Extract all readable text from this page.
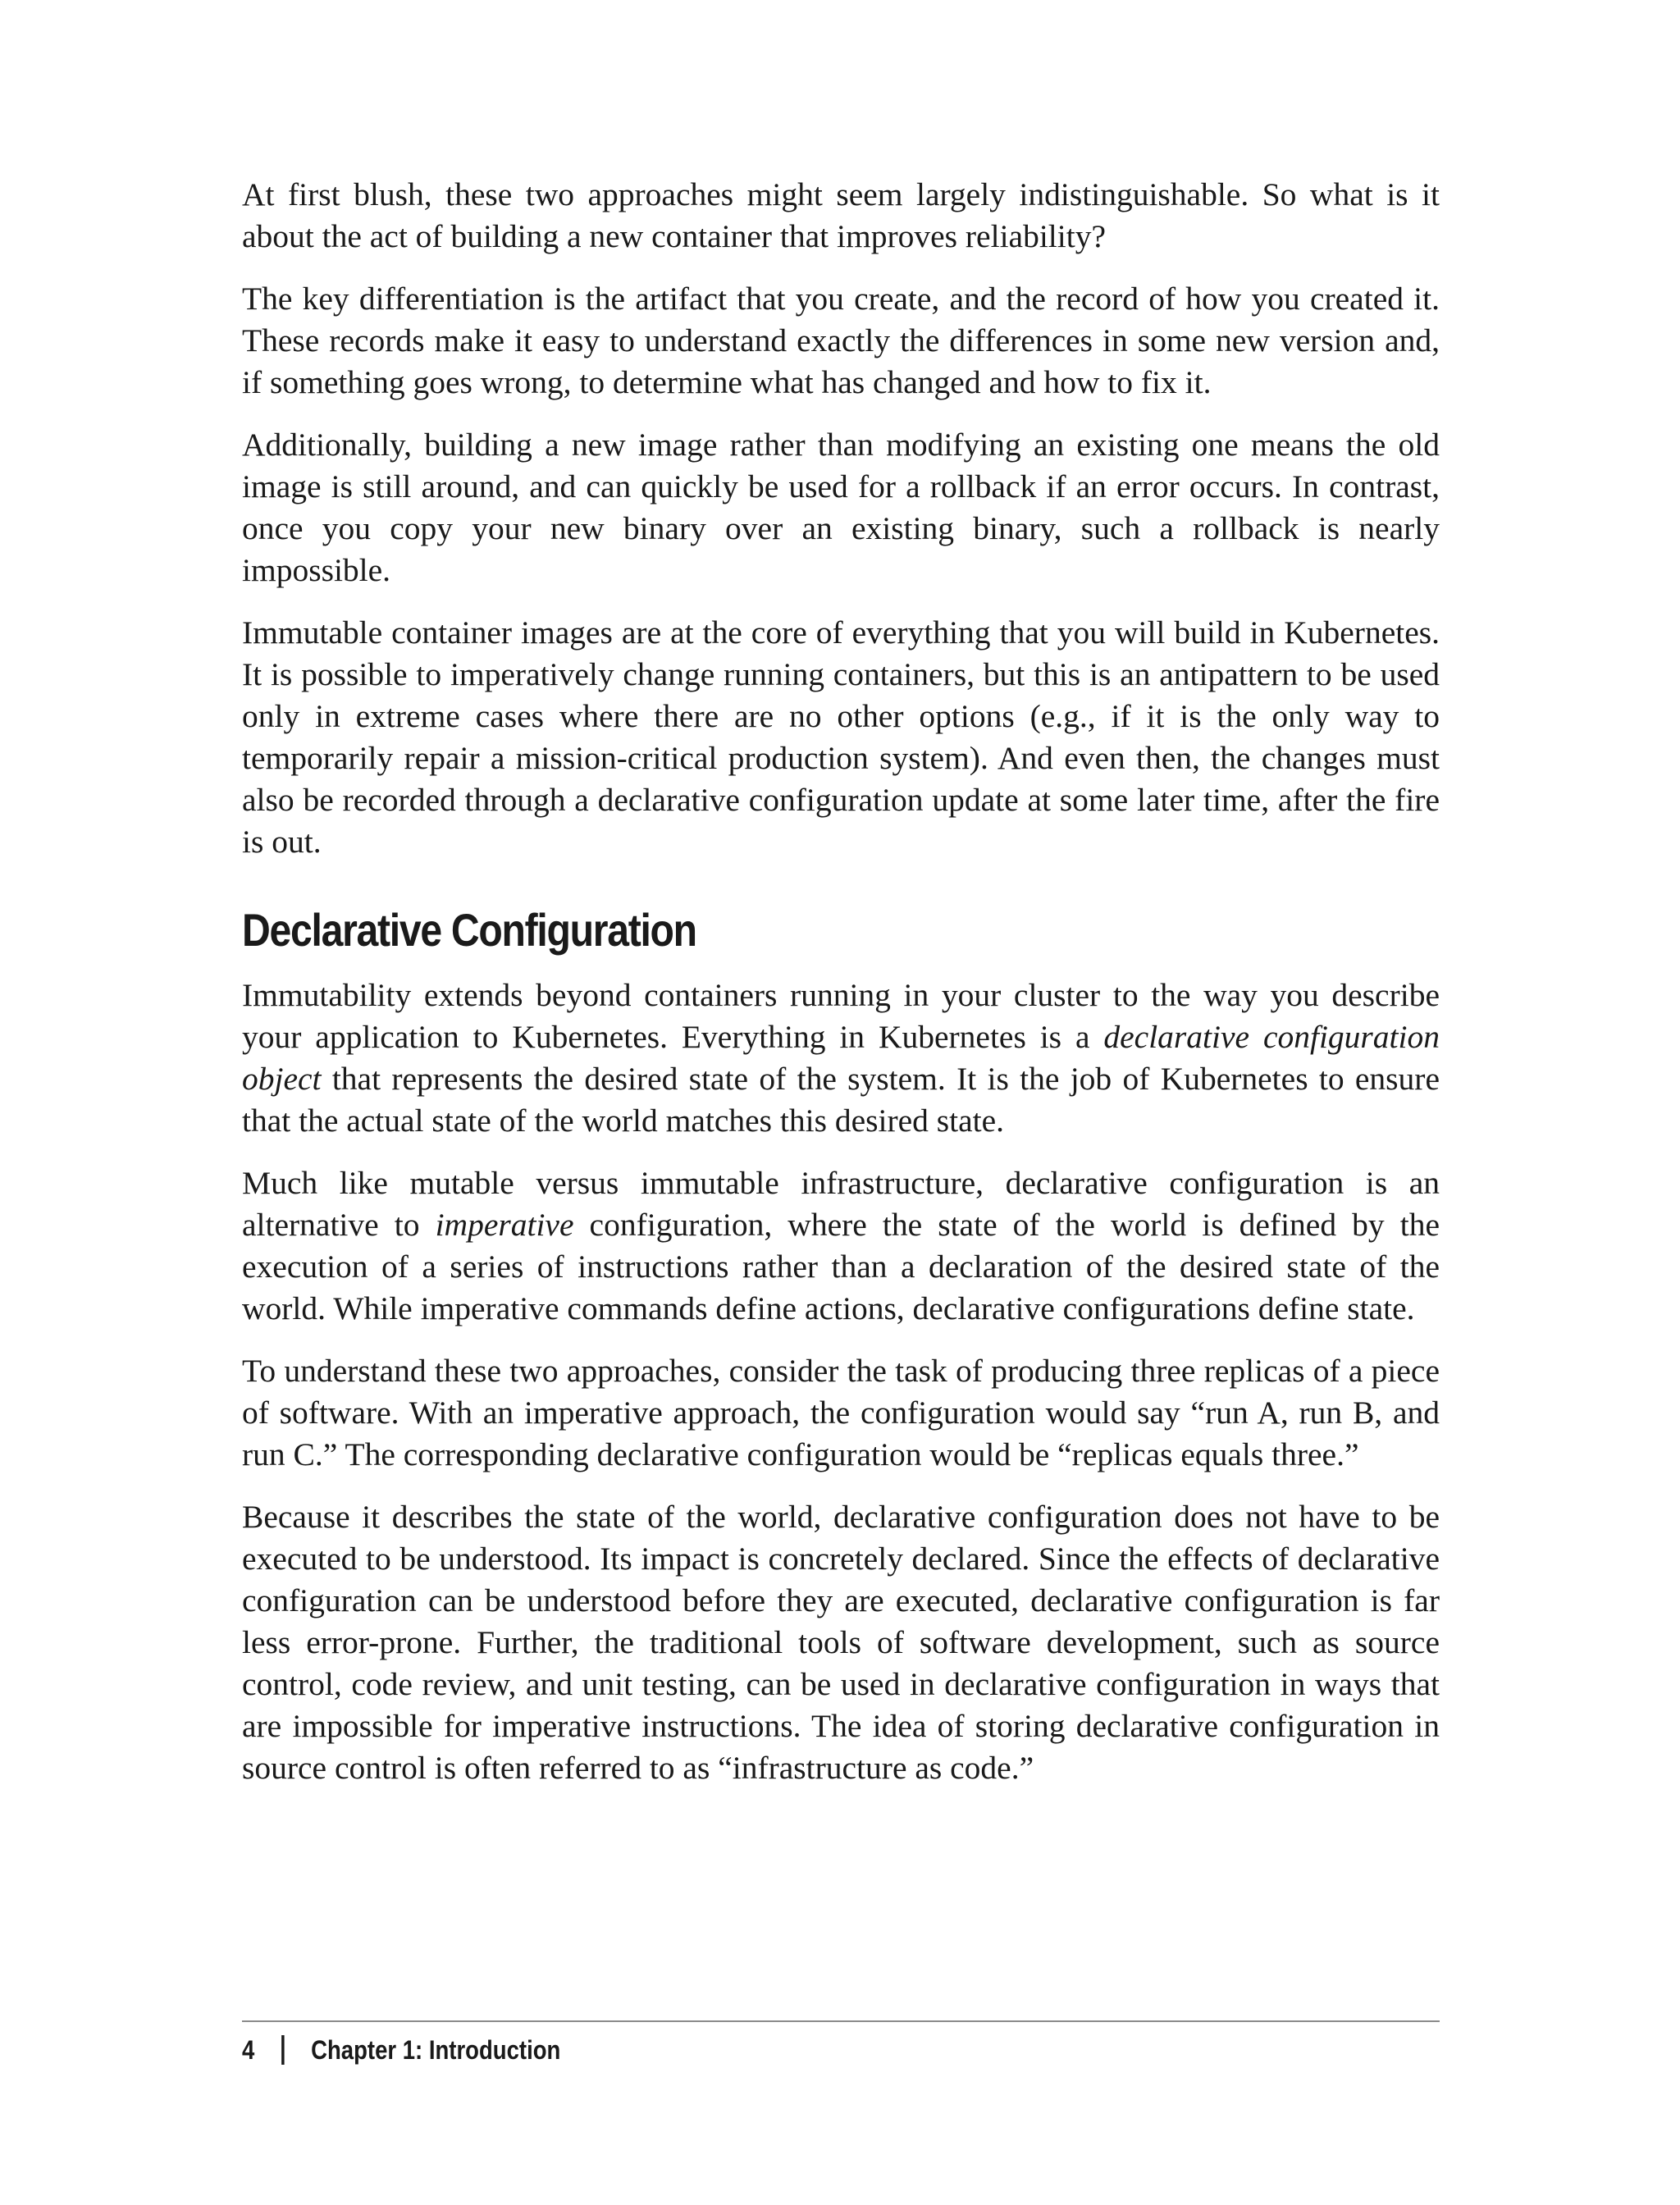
At first blush, these two approaches might seem largely indistinguishable. So what is it about the act of building a new container that improves reliability?

The key differentiation is the artifact that you create, and the record of how you created it. These records make it easy to understand exactly the differences in some new version and, if something goes wrong, to determine what has changed and how to fix it.

Additionally, building a new image rather than modifying an existing one means the old image is still around, and can quickly be used for a rollback if an error occurs. In contrast, once you copy your new binary over an existing binary, such a rollback is nearly impossible.

Immutable container images are at the core of everything that you will build in Kubernetes. It is possible to imperatively change running containers, but this is an antipattern to be used only in extreme cases where there are no other options (e.g., if it is the only way to temporarily repair a mission-critical production system). And even then, the changes must also be recorded through a declarative configuration update at some later time, after the fire is out.

Declarative Configuration

Immutability extends beyond containers running in your cluster to the way you describe your application to Kubernetes. Everything in Kubernetes is a declarative configuration object that represents the desired state of the system. It is the job of Kubernetes to ensure that the actual state of the world matches this desired state.

Much like mutable versus immutable infrastructure, declarative configuration is an alternative to imperative configuration, where the state of the world is defined by the execution of a series of instructions rather than a declaration of the desired state of the world. While imperative commands define actions, declarative configurations define state.

To understand these two approaches, consider the task of producing three replicas of a piece of software. With an imperative approach, the configuration would say “run A, run B, and run C.” The corresponding declarative configuration would be “replicas equals three.”

Because it describes the state of the world, declarative configuration does not have to be executed to be understood. Its impact is concretely declared. Since the effects of declarative configuration can be understood before they are executed, declarative configuration is far less error-prone. Further, the traditional tools of software development, such as source control, code review, and unit testing, can be used in declarative configuration in ways that are impossible for imperative instructions. The idea of storing declarative configuration in source control is often referred to as “infrastructure as code.”

4 Chapter 1: Introduction
